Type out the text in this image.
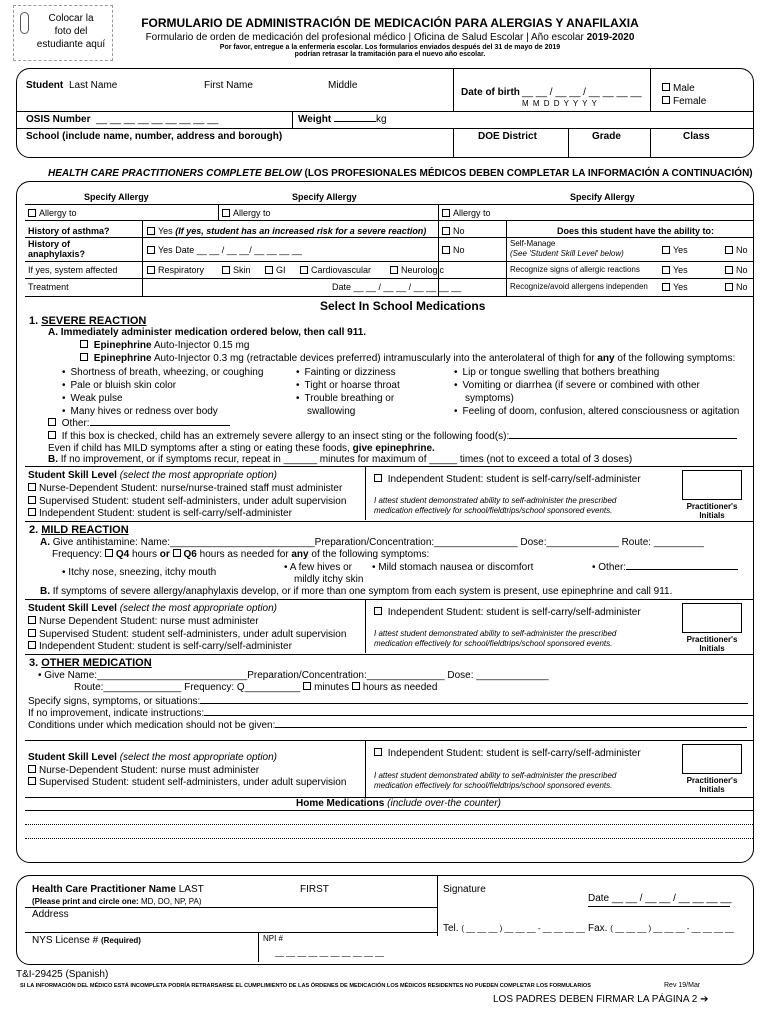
Colocar la
foto del
estudiante aquí
FORMULARIO DE ADMINISTRACIÓN DE MEDICACIÓN PARA ALERGIAS Y ANAFILAXIA
Formulario de orden de medicación del profesional médico | Oficina de Salud Escolar | Año escolar 2019-2020
Por favor, entregue a la enfermería escolar. Los formularios enviados después del 31 de mayo de 2019
podrían retrasar la tramitación para el nuevo año escolar.
Student Last Name	First Name	Middle
Date of birth __ __ / __ __ / __ __ __ __
M M D D Y Y Y Y
Male
Female
OSIS Number __ __ __ __ __ __ __ __ __	Weight	kg
School (include name, number, address and borough)	DOE District	Grade	Class
HEALTH CARE PRACTITIONERS COMPLETE BELOW (LOS PROFESIONALES MÉDICOS DEBEN COMPLETAR LA INFORMACIÓN A CONTINUACIÓN)
Specify Allergy	Specify Allergy	Specify Allergy
Allergy to	Allergy to	Allergy to
History of asthma?	Yes (If yes, student has an increased risk for a severe reaction)	No	Does this student have the ability to:
History of
anaphylaxis?	Yes Date __ __ / __ __/ __ __ __ __	No
Self-Manage
(See 'Student Skill Level' below)	Yes	No
If yes, system affected	Respiratory	Skin	GI	Cardiovascular	Neurologic	Recognize signs of allergic reactions	Yes	No
Treatment	Date __ __ / __ __ / __ __ __ __	Recognize/avoid allergens independen	Yes	No
Select In School Medications
1. SEVERE REACTION
A. Immediately administer medication ordered below, then call 911.
Epinephrine Auto-Injector 0.15 mg
Epinephrine Auto-Injector 0.3 mg (retractable devices preferred) intramuscularly into the anterolateral of thigh for any of the following symptoms:
• Shortness of breath, wheezing, or coughing
• Pale or bluish skin color
• Weak pulse
• Many hives or redness over body
• Fainting or dizziness
• Tight or hoarse throat
• Trouble breathing or
swallowing
• Lip or tongue swelling that bothers breathing
• Vomiting or diarrhea (if severe or combined with other
symptoms)
• Feeling of doom, confusion, altered consciousness or agitation
Other:
If this box is checked, child has an extremely severe allergy to an insect sting or the following food(s):
Even if child has MILD symptoms after a sting or eating these foods, give epinephrine.
B. If no improvement, or if symptoms recur, repeat in ______ minutes for maximum of _____ times (not to exceed a total of 3 doses)
Student Skill Level (select the most appropriate option)
Nurse-Dependent Student: nurse/nurse-trained staff must administer
Supervised Student: student self-administers, under adult supervision
Independent Student: student is self-carry/self-administer
Independent Student: student is self-carry/self-administer
I attest student demonstrated ability to self-administer the prescribed
medication effectively for school/fieldtrips/school sponsored events.	Practitioner's
Initials
2. MILD REACTION
A. Give antihistamine: Name:__________________________Preparation/Concentration:_______________ Dose:_____________ Route: _________
Frequency: Q4 hours or Q6 hours as needed for any of the following symptoms:
• Itchy nose, sneezing, itchy mouth	• A few hives or
mildly itchy skin
• Mild stomach nausea or discomfort	• Other:
B. If symptoms of severe allergy/anaphylaxis develop, or if more than one symptom from each system is present, use epinephrine and call 911.
Student Skill Level (select the most appropriate option)
Nurse Dependent Student: nurse must administer
Supervised Student: student self-administers, under adult supervision
Independent Student: student is self-carry/self-administer
Independent Student: student is self-carry/self-administer
I attest student demonstrated ability to self-administer the prescribed
medication effectively for school/fieldtrips/school sponsored events.	Practitioner's
Initials
3. OTHER MEDICATION
• Give Name:___________________________Preparation/Concentration:______________ Dose: _____________
Route:______________ Frequency: Q__________ minutes hours as needed
Specify signs, symptoms, or situations:
If no improvement, indicate instructions:
Conditions under which medication should not be given:
Student Skill Level (select the most appropriate option)
Nurse-Dependent Student: nurse must administer
Supervised Student: student self-administers, under adult supervision
Independent Student: student is self-carry/self-administer
I attest student demonstrated ability to self-administer the prescribed
medication effectively for school/fieldtrips/school sponsored events.
Practitioner's
Initials
Home Medications (include over-the counter)
Health Care Practitioner Name LAST	FIRST	Signature
(Please print and circle one: MD, DO, NP, PA)	Date __ __ / __ __ / __ __ __ __
Address
Tel. ( __ __ __ ) __ __ __ - __ __ __ __ Fax. ( __ __ __ ) __ __ __ - __ __ __ __
NYS License # (Required)	NPI #
__ __ __ __ __ __ __ __ __ __
T&I-29425 (Spanish)
SI LA INFORMACIÓN DEL MÉDICO ESTÁ INCOMPLETA PODRÍA RETRARSARSE EL CUMPLIMIENTO DE LAS ÓRDENES DE MEDICACIÓN LOS MÉDICOS RESIDENTES NO PUEDEN COMPLETAR LOS FORMULARIOS	Rev 19/Mar
LOS PADRES DEBEN FIRMAR LA PÁGINA 2 ➔
